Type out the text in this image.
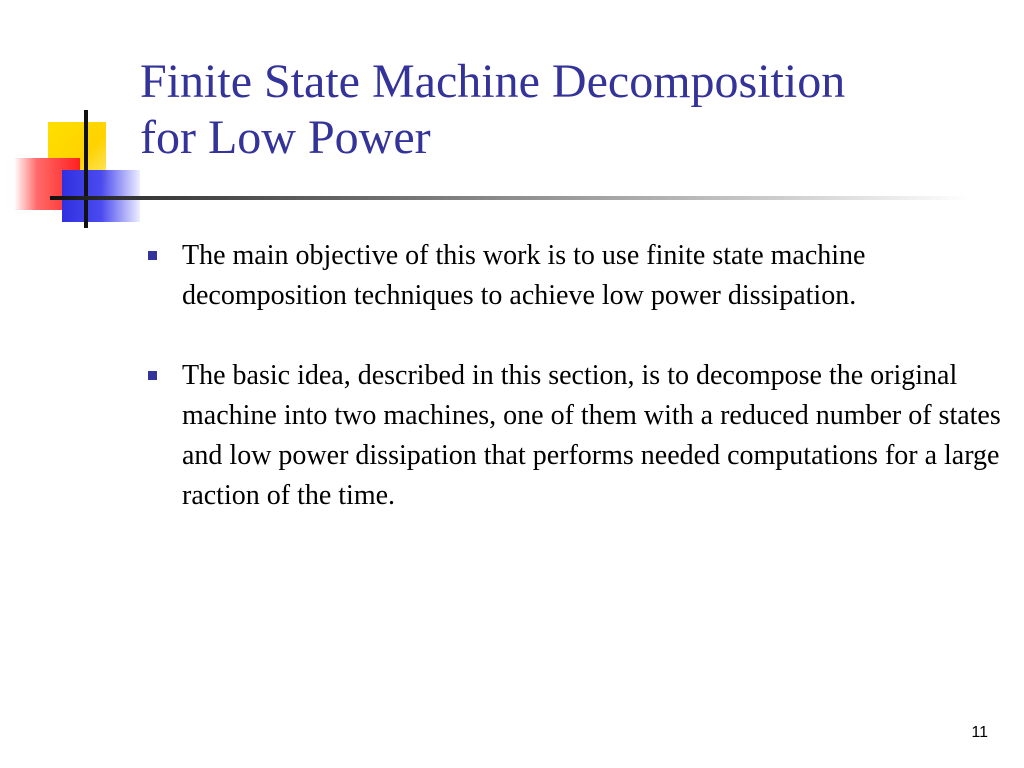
Finite State Machine Decomposition
for Low Power
The main objective of this work is to use finite state machine decomposition techniques to achieve low power dissipation.
The basic idea, described in this section, is to decompose the original machine into two machines, one of them with a reduced number of states and low power dissipation that performs needed computations for a large raction of the time.
11
